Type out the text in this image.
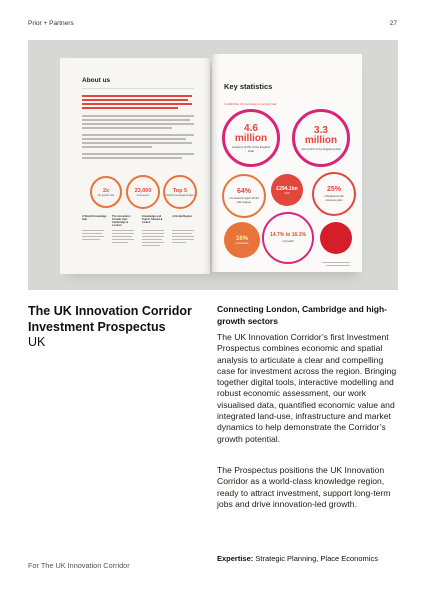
Prior + Partners	27
About us
2x
UK growth rate
23,000
businesses
Top 5
Global Knowledge Region
A World Knowledge Hub
The Innovation Growth Gap: Cambridge & London
Knowledge and Talent: Shared & Linked
A Global Region
Key statistics
In 2023 the UK Innovation Corridor had:
4.6 million
residents (6.8% of the England total)
3.3 million
jobs (9.3% of the England total)
64%
of residents aged 16-64 with degree
£294.1bn
GVA	25%
of England's life sciences jobs
14.7% to 16.1%
of growth
16%
of residents
The UK Innovation Corridor Investment Prospectus
UK
Connecting London, Cambridge and high-growth sectors

The UK Innovation Corridor’s first Investment Prospectus combines economic and spatial analysis to articulate a clear and compelling case for investment across the region. Bringing together digital tools, interactive modelling and robust economic assessment, our work visualised data, quantified economic value and integrated land-use, infrastructure and market dynamics to help demonstrate the Corridor’s growth potential.

The Prospectus positions the UK Innovation Corridor as a world-class knowledge region, ready to attract investment, support long-term jobs and drive innovation-led growth.

For The UK Innovation Corridor
Expertise: Strategic Planning, Place Economics
